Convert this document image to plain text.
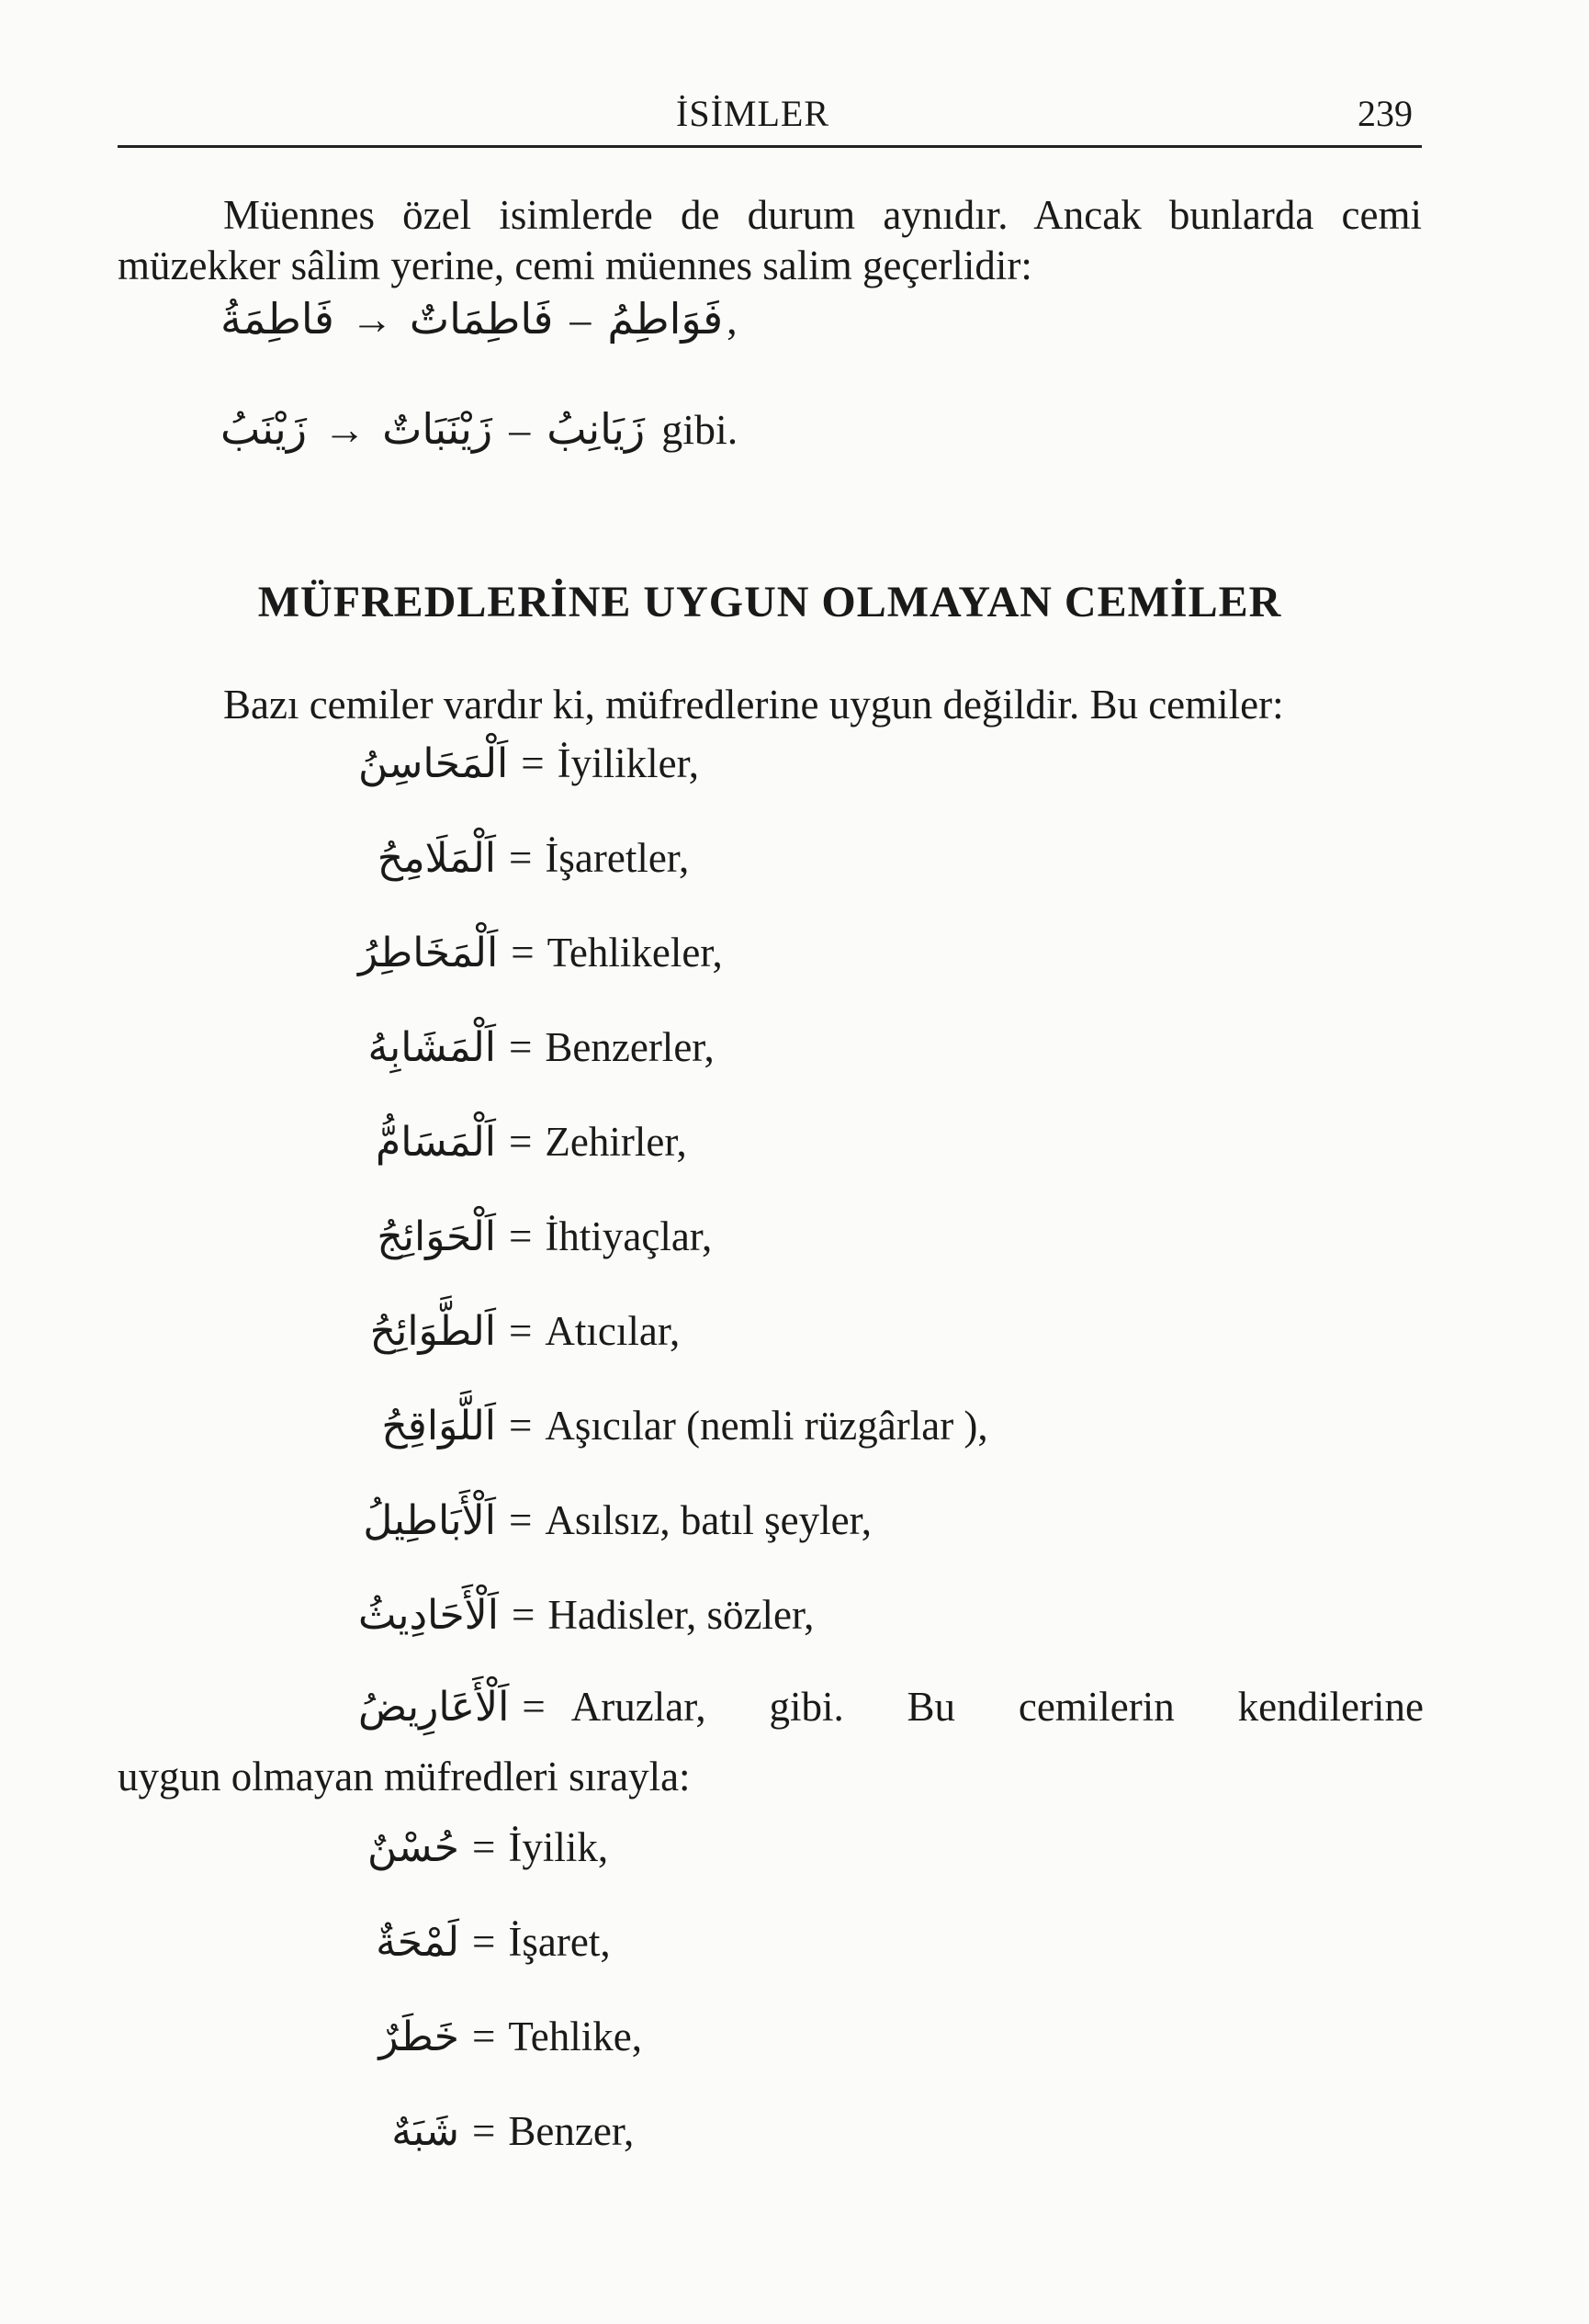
İSİMLER	239
Müennes özel isimlerde de durum aynıdır. Ancak bunlarda cemi müzekker sâlim yerine, cemi müennes salim geçerlidir:
فَاطِمَةُ → فَاطِمَاتٌ – فَوَاطِمُ ,
زَيْنَبُ → زَيْنَبَاتٌ – زَيَانِبُ gibi.
MÜFREDLERİNE UYGUN OLMAYAN CEMİLER
Bazı cemiler vardır ki, müfredlerine uygun değildir. Bu cemiler:
اَلْمَحَاسِنُ = İyilikler,
اَلْمَلَامِحُ = İşaretler,
اَلْمَخَاطِرُ = Tehlikeler,
اَلْمَشَابِهُ = Benzerler,
اَلْمَسَامُّ = Zehirler,
اَلْحَوَائِجُ = İhtiyaçlar,
اَلطَّوَائِحُ = Atıcılar,
اَللَّوَاقِحُ = Aşıcılar (nemli rüzgârlar ),
اَلْأَبَاطِيلُ = Asılsız, batıl şeyler,
اَلْأَحَادِيثُ = Hadisler, sözler,
اَلْأَعَارِيضُ = Aruzlar, gibi. Bu cemilerin kendilerine
uygun olmayan müfredleri sırayla:
حُسْنٌ = İyilik,
لَمْحَةٌ = İşaret,
خَطَرٌ = Tehlike,
شَبَهٌ = Benzer,
